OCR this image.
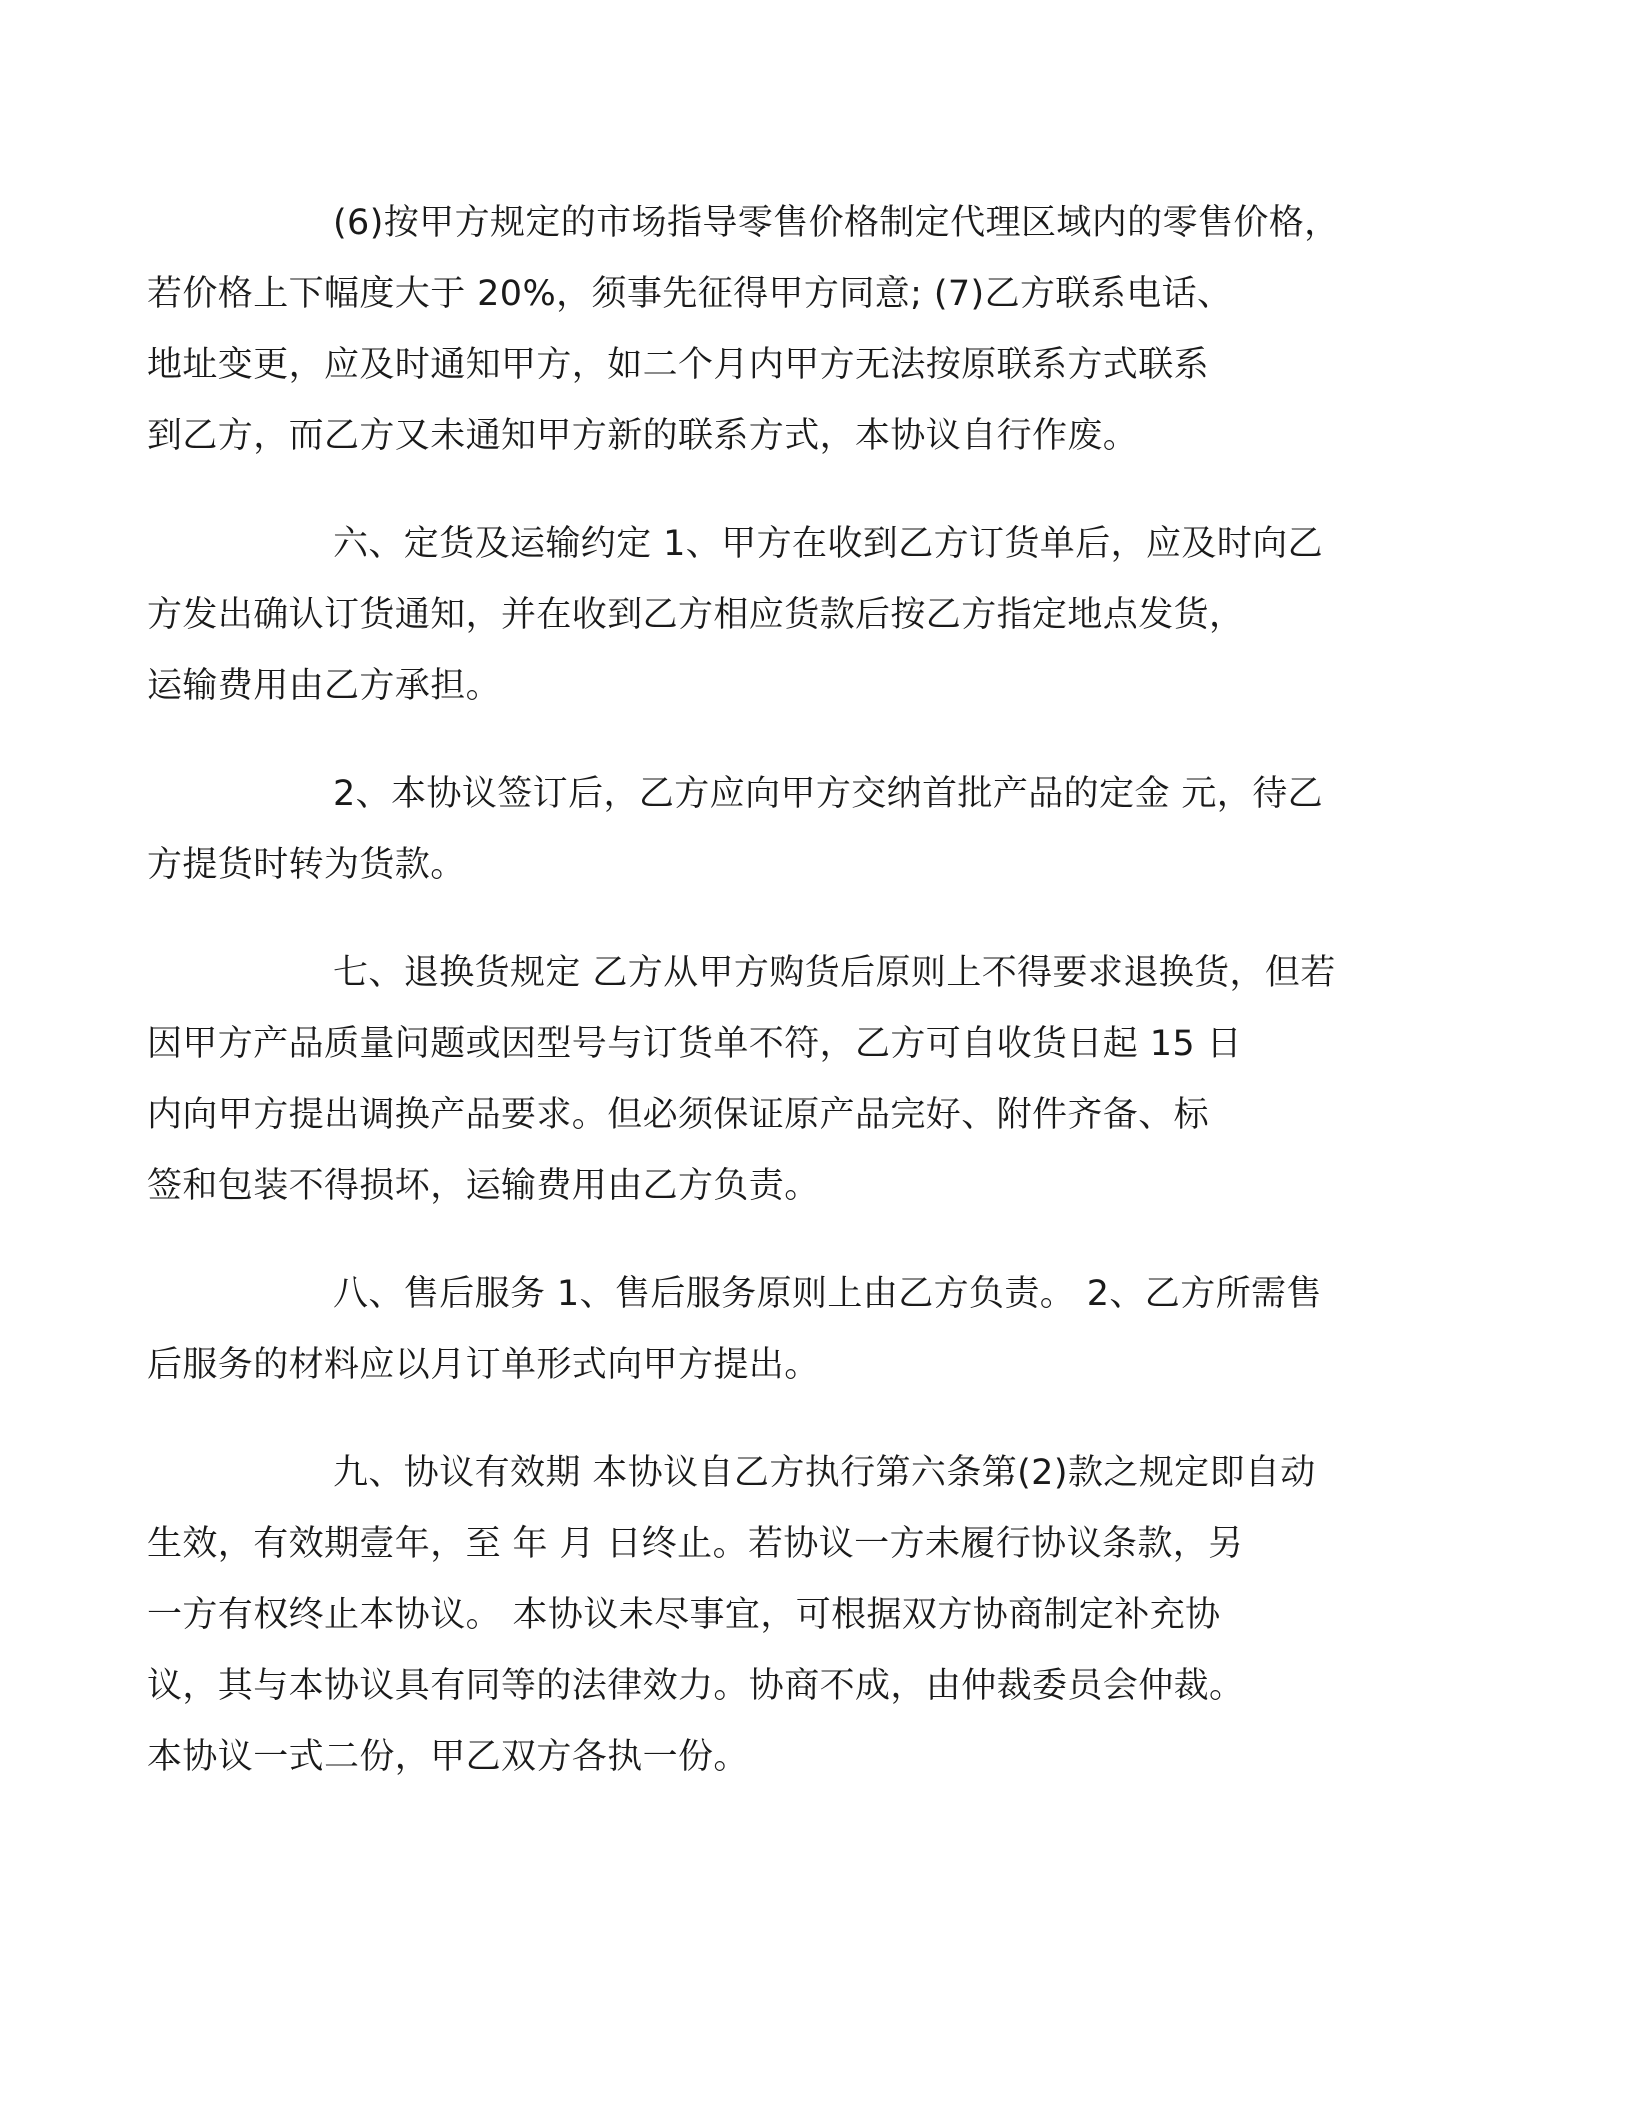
(6)按甲方规定的市场指导零售价格制定代理区域内的零售价格，
若价格上下幅度大于 20%，须事先征得甲方同意; (7)乙方联系电话、
地址变更，应及时通知甲方，如二个月内甲方无法按原联系方式联系
到乙方，而乙方又未通知甲方新的联系方式，本协议自行作废。

六、定货及运输约定 1、甲方在收到乙方订货单后，应及时向乙
方发出确认订货通知，并在收到乙方相应货款后按乙方指定地点发货，
运输费用由乙方承担。

2、本协议签订后，乙方应向甲方交纳首批产品的定金 元，待乙
方提货时转为货款。

七、退换货规定 乙方从甲方购货后原则上不得要求退换货，但若
因甲方产品质量问题或因型号与订货单不符，乙方可自收货日起 15 日
内向甲方提出调换产品要求。但必须保证原产品完好、附件齐备、标
签和包装不得损坏，运输费用由乙方负责。

八、售后服务 1、售后服务原则上由乙方负责。 2、乙方所需售
后服务的材料应以月订单形式向甲方提出。

九、协议有效期 本协议自乙方执行第六条第(2)款之规定即自动
生效，有效期壹年，至 年 月 日终止。若协议一方未履行协议条款，另
一方有权终止本协议。 本协议未尽事宜，可根据双方协商制定补充协
议，其与本协议具有同等的法律效力。协商不成，由仲裁委员会仲裁。
本协议一式二份，甲乙双方各执一份。
